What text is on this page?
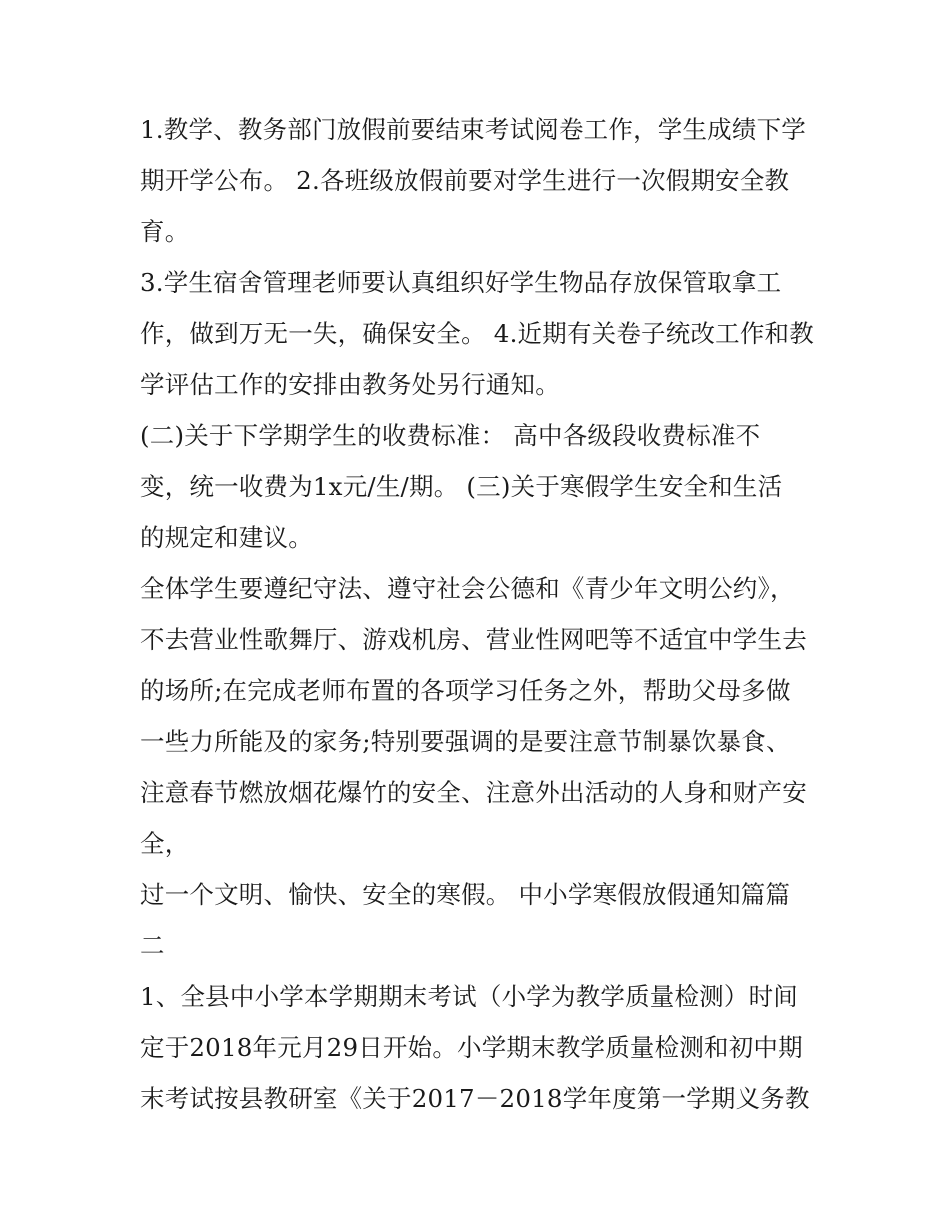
1.教学、教务部门放假前要结束考试阅卷工作，学生成绩下学
期开学公布。 2.各班级放假前要对学生进行一次假期安全教
育。
3.学生宿舍管理老师要认真组织好学生物品存放保管取拿工
作，做到万无一失，确保安全。 4.近期有关卷子统改工作和教
学评估工作的安排由教务处另行通知。
(二)关于下学期学生的收费标准： 高中各级段收费标准不
变，统一收费为1x元/生/期。 (三)关于寒假学生安全和生活
的规定和建议。
全体学生要遵纪守法、遵守社会公德和《青少年文明公约》，
不去营业性歌舞厅、游戏机房、营业性网吧等不适宜中学生去
的场所;在完成老师布置的各项学习任务之外，帮助父母多做
一些力所能及的家务;特别要强调的是要注意节制暴饮暴食、
注意春节燃放烟花爆竹的安全、注意外出活动的人身和财产安
全，
过一个文明、愉快、安全的寒假。 中小学寒假放假通知篇篇
二
1、全县中小学本学期期末考试（小学为教学质量检测）时间
定于2018年元月29日开始。小学期末教学质量检测和初中期
末考试按县教研室《关于2017－2018学年度第一学期义务教
